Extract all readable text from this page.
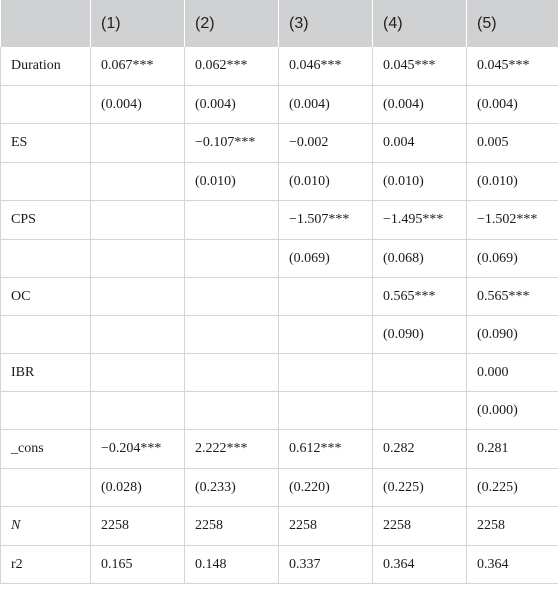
	(1)	(2)	(3)	(4)	(5)
Duration	0.067***	0.062***	0.046***	0.045***	0.045***
	(0.004)	(0.004)	(0.004)	(0.004)	(0.004)
ES		−0.107***	−0.002	0.004	0.005
		(0.010)	(0.010)	(0.010)	(0.010)
CPS			−1.507***	−1.495***	−1.502***
			(0.069)	(0.068)	(0.069)
OC				0.565***	0.565***
				(0.090)	(0.090)
IBR					0.000
					(0.000)
_cons	−0.204***	2.222***	0.612***	0.282	0.281
	(0.028)	(0.233)	(0.220)	(0.225)	(0.225)
N	2258	2258	2258	2258	2258
r2	0.165	0.148	0.337	0.364	0.364
